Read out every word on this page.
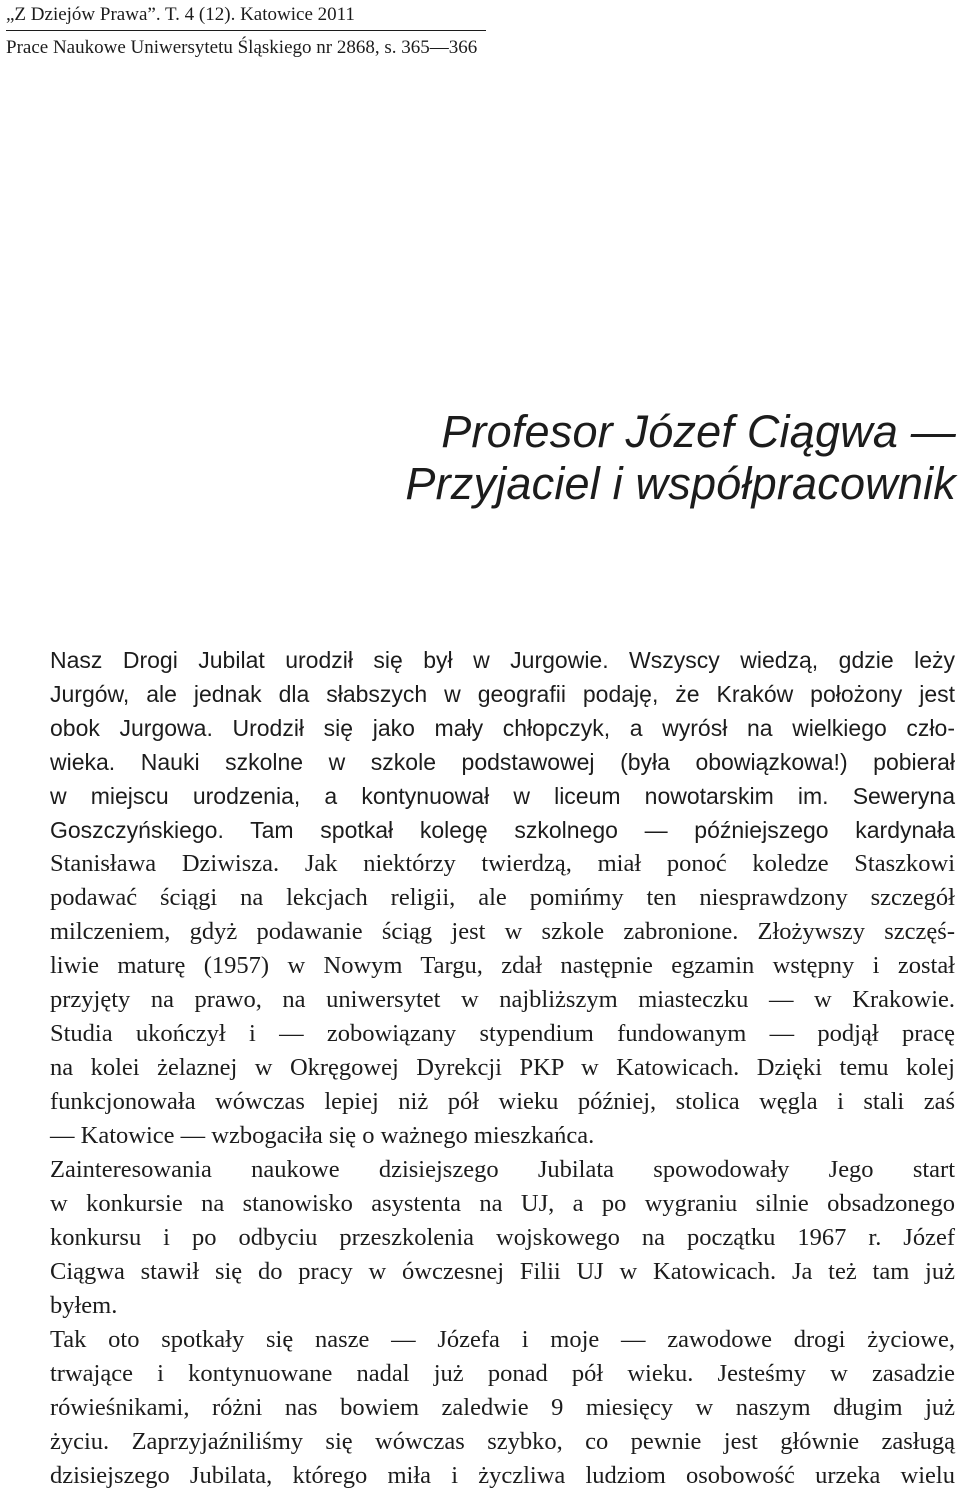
„Z Dziejów Prawa”. T. 4 (12). Katowice 2011
Prace Naukowe Uniwersytetu Śląskiego nr 2868, s. 365—366
Profesor Józef Ciągwa —
Przyjaciel i współpracownik
Nasz Drogi Jubilat urodził się był w Jurgowie. Wszyscy wiedzą, gdzie leży
Jurgów, ale jednak dla słabszych w geografii podaję, że Kraków położony jest
obok Jurgowa. Urodził się jako mały chłopczyk, a wyrósł na wielkiego czło-
wieka. Nauki szkolne w szkole podstawowej (była obowiązkowa!) pobierał
w miejscu urodzenia, a kontynuował w liceum nowotarskim im. Seweryna
Goszczyńskiego. Tam spotkał kolegę szkolnego — późniejszego kardynała
Stanisława Dziwisza. Jak niektórzy twierdzą, miał ponoć koledze Staszkowi
podawać ściągi na lekcjach religii, ale pomińmy ten niesprawdzony szczegół
milczeniem, gdyż podawanie ściąg jest w szkole zabronione. Złożywszy szczęś-
liwie maturę (1957) w Nowym Targu, zdał następnie egzamin wstępny i został
przyjęty na prawo, na uniwersytet w najbliższym miasteczku — w Krakowie.
Studia ukończył i — zobowiązany stypendium fundowanym — podjął pracę
na kolei żelaznej w Okręgowej Dyrekcji PKP w Katowicach. Dzięki temu kolej
funkcjonowała wówczas lepiej niż pół wieku później, stolica węgla i stali zaś
— Katowice — wzbogaciła się o ważnego mieszkańca.
Zainteresowania naukowe dzisiejszego Jubilata spowodowały Jego start
w konkursie na stanowisko asystenta na UJ, a po wygraniu silnie obsadzonego
konkursu i po odbyciu przeszkolenia wojskowego na początku 1967 r. Józef
Ciągwa stawił się do pracy w ówczesnej Filii UJ w Katowicach. Ja też tam już
byłem.
Tak oto spotkały się nasze — Józefa i moje — zawodowe drogi życiowe,
trwające i kontynuowane nadal już ponad pół wieku. Jesteśmy w zasadzie
rówieśnikami, różni nas bowiem zaledwie 9 miesięcy w naszym długim już
życiu. Zaprzyjaźniliśmy się wówczas szybko, co pewnie jest głównie zasługą
dzisiejszego Jubilata, którego miła i życzliwa ludziom osobowość urzeka wielu
